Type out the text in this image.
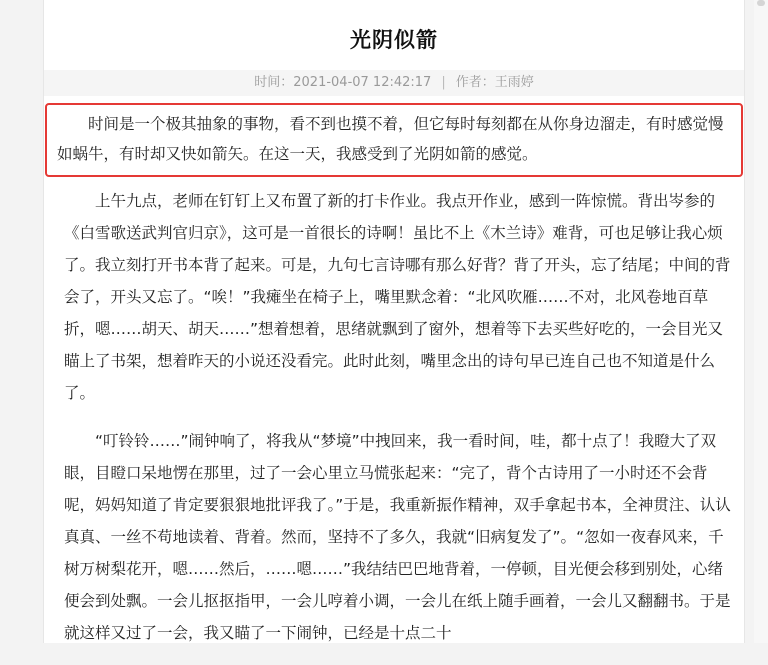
光阴似箭
时间：2021-04-07 12:42:17 | 作者：王雨婷

时间是一个极其抽象的事物，看不到也摸不着，但它每时每刻都在从你身边溜走，有时感觉慢如蜗牛，有时却又快如箭矢。在这一天，我感受到了光阴如箭的感觉。

上午九点，老师在钉钉上又布置了新的打卡作业。我点开作业，感到一阵惊慌。背出岑参的《白雪歌送武判官归京》，这可是一首很长的诗啊！虽比不上《木兰诗》难背，可也足够让我心烦了。我立刻打开书本背了起来。可是，九句七言诗哪有那么好背？背了开头，忘了结尾；中间的背会了，开头又忘了。“唉！”我瘫坐在椅子上，嘴里默念着：“北风吹雁……不对，北风卷地百草折，嗯……胡天、胡天……”想着想着，思绪就飘到了窗外，想着等下去买些好吃的，一会目光又瞄上了书架，想着昨天的小说还没看完。此时此刻，嘴里念出的诗句早已连自己也不知道是什么了。

“叮铃铃……”闹钟响了，将我从“梦境”中拽回来，我一看时间，哇，都十点了！我瞪大了双眼，目瞪口呆地愣在那里，过了一会心里立马慌张起来：“完了，背个古诗用了一小时还不会背呢，妈妈知道了肯定要狠狠地批评我了。”于是，我重新振作精神，双手拿起书本，全神贯注、认认真真、一丝不苟地读着、背着。然而，坚持不了多久，我就“旧病复发了”。“忽如一夜春风来，千树万树梨花开，嗯……然后，……嗯……”我结结巴巴地背着，一停顿，目光便会移到别处，心绪便会到处飘。一会儿抠抠指甲，一会儿哼着小调，一会儿在纸上随手画着，一会儿又翻翻书。于是就这样又过了一会，我又瞄了一下闹钟，已经是十点二十
